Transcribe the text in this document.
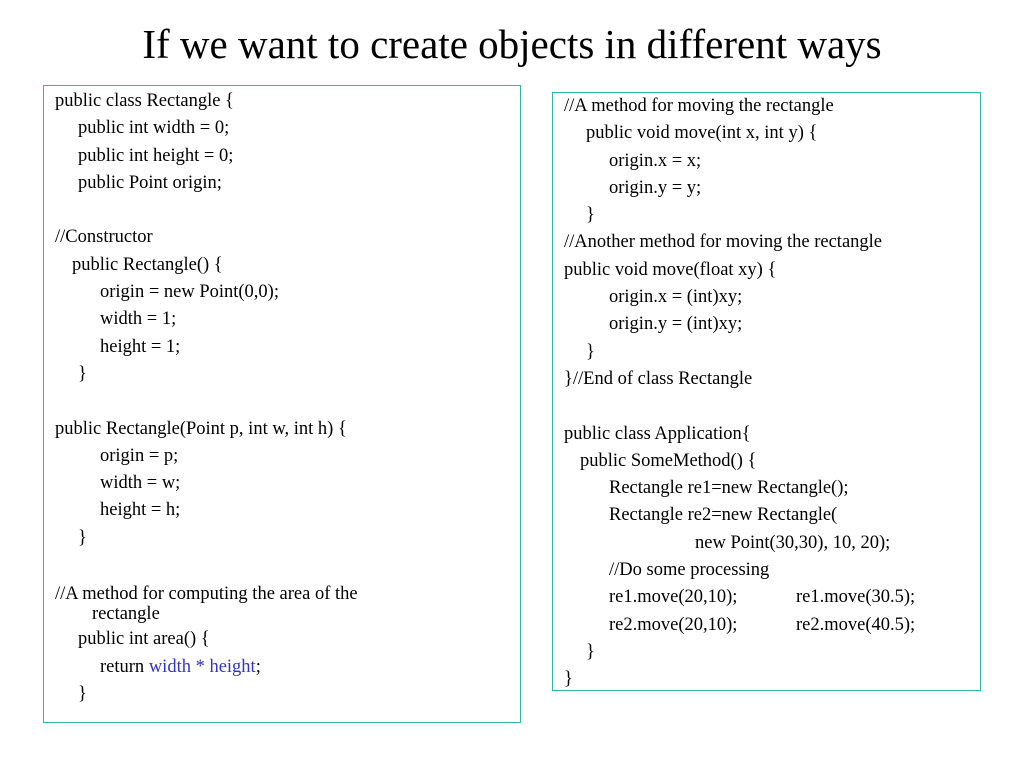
If we want to create objects in different ways
public class Rectangle {
public int width = 0;
public int height = 0;
public Point origin;
//Constructor
public Rectangle() {
origin = new Point(0,0);
width = 1;
height = 1;
}
public Rectangle(Point p, int w, int h) {
origin = p;
width = w;
height = h;
}
//A method for computing the area of the
rectangle
public int area() {
return width * height;
}
//A method for moving the rectangle
public void move(int x, int y) {
origin.x = x;
origin.y = y;
}
//Another method for moving the rectangle
public void move(float xy) {
origin.x = (int)xy;
origin.y = (int)xy;
}
}//End of class Rectangle
public class Application{
public SomeMethod() {
Rectangle re1=new Rectangle();
Rectangle re2=new Rectangle(
new Point(30,30), 10, 20);
//Do some processing
re1.move(20,10);	re1.move(30.5);
re2.move(20,10);	re2.move(40.5);
}
}
